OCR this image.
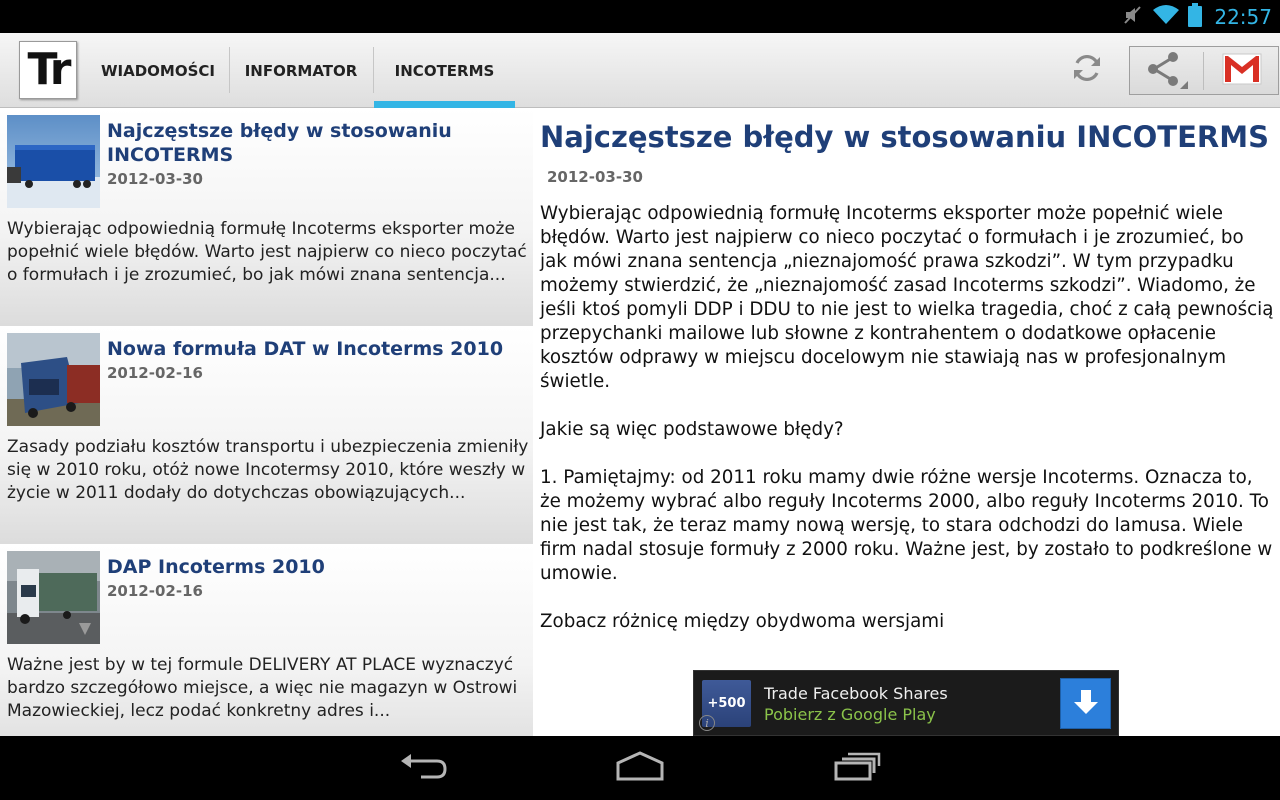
22:57
Tr WIADOMOŚCI INFORMATOR INCOTERMS
Najczęstsze błędy w stosowaniu INCOTERMS
2012-03-30
Wybierając odpowiednią formułę Incoterms eksporter może popełnić wiele błędów. Warto jest najpierw co nieco poczytać o formułach i je zrozumieć, bo jak mówi znana sentencja...
Nowa formuła DAT w Incoterms 2010
2012-02-16
Zasady podziału kosztów transportu i ubezpieczenia zmieniły się w 2010 roku, otóż nowe Incotermsy 2010, które weszły w życie w 2011 dodały do dotychczas obowiązujących...
DAP Incoterms 2010
2012-02-16
Ważne jest by w tej formule DELIVERY AT PLACE wyznaczyć bardzo szczegółowo miejsce, a więc nie magazyn w Ostrowi Mazowieckiej, lecz podać konkretny adres i...
Najczęstsze błędy w stosowaniu INCOTERMS
2012-03-30

Wybierając odpowiednią formułę Incoterms eksporter może popełnić wiele błędów. Warto jest najpierw co nieco poczytać o formułach i je zrozumieć, bo jak mówi znana sentencja „nieznajomość prawa szkodzi”. W tym przypadku możemy stwierdzić, że „nieznajomość zasad Incoterms szkodzi”. Wiadomo, że jeśli ktoś pomyli DDP i DDU to nie jest to wielka tragedia, choć z całą pewnością przepychanki mailowe lub słowne z kontrahentem o dodatkowe opłacenie kosztów odprawy w miejscu docelowym nie stawiają nas w profesjonalnym świetle.

Jakie są więc podstawowe błędy?

1. Pamiętajmy: od 2011 roku mamy dwie różne wersje Incoterms. Oznacza to, że możemy wybrać albo reguły Incoterms 2000, albo reguły Incoterms 2010. To nie jest tak, że teraz mamy nową wersję, to stara odchodzi do lamusa. Wiele firm nadal stosuje formuły z 2000 roku. Ważne jest, by zostało to podkreślone w umowie.

Zobacz różnicę między obydwoma wersjami

+500
Trade Facebook Shares
Pobierz z Google Play
i
